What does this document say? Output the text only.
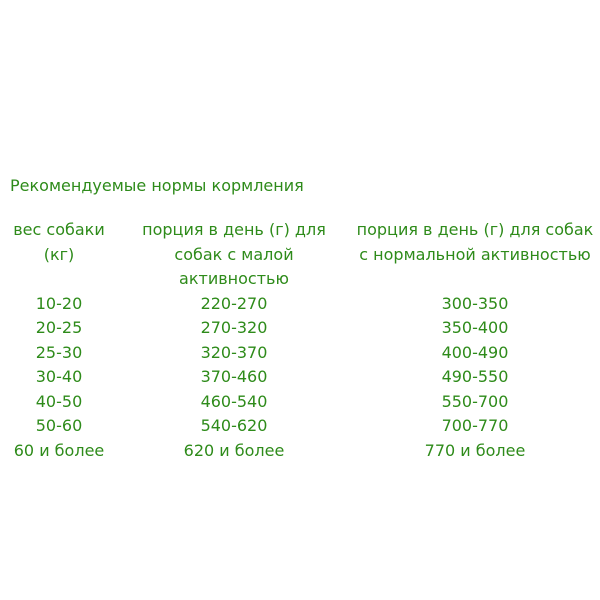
Рекомендуемые нормы кормления
вес собаки (кг)	порция в день (г) для собак с малой активностью	порция в день (г) для собак с нормальной активностью
10-20	220-270	300-350
20-25	270-320	350-400
25-30	320-370	400-490
30-40	370-460	490-550
40-50	460-540	550-700
50-60	540-620	700-770
60 и более	620 и более	770 и более
